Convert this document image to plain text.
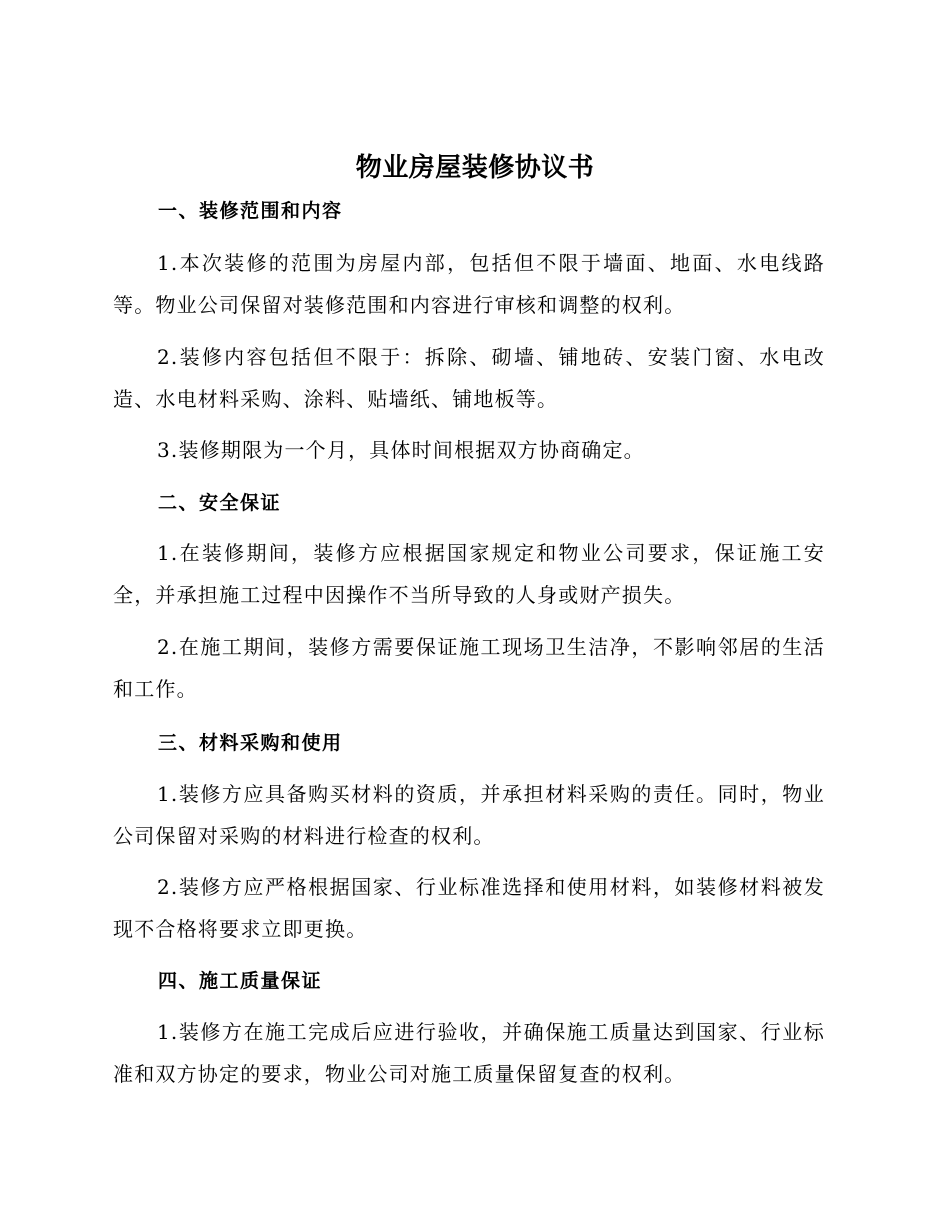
物业房屋装修协议书
一、装修范围和内容

1.本次装修的范围为房屋内部，包括但不限于墙面、地面、水电线路等。物业公司保留对装修范围和内容进行审核和调整的权利。

2.装修内容包括但不限于：拆除、砌墙、铺地砖、安装门窗、水电改造、水电材料采购、涂料、贴墙纸、铺地板等。

3.装修期限为一个月，具体时间根据双方协商确定。

二、安全保证

1.在装修期间，装修方应根据国家规定和物业公司要求，保证施工安全，并承担施工过程中因操作不当所导致的人身或财产损失。

2.在施工期间，装修方需要保证施工现场卫生洁净，不影响邻居的生活和工作。

三、材料采购和使用

1.装修方应具备购买材料的资质，并承担材料采购的责任。同时，物业公司保留对采购的材料进行检查的权利。

2.装修方应严格根据国家、行业标准选择和使用材料，如装修材料被发现不合格将要求立即更换。

四、施工质量保证

1.装修方在施工完成后应进行验收，并确保施工质量达到国家、行业标准和双方协定的要求，物业公司对施工质量保留复查的权利。
